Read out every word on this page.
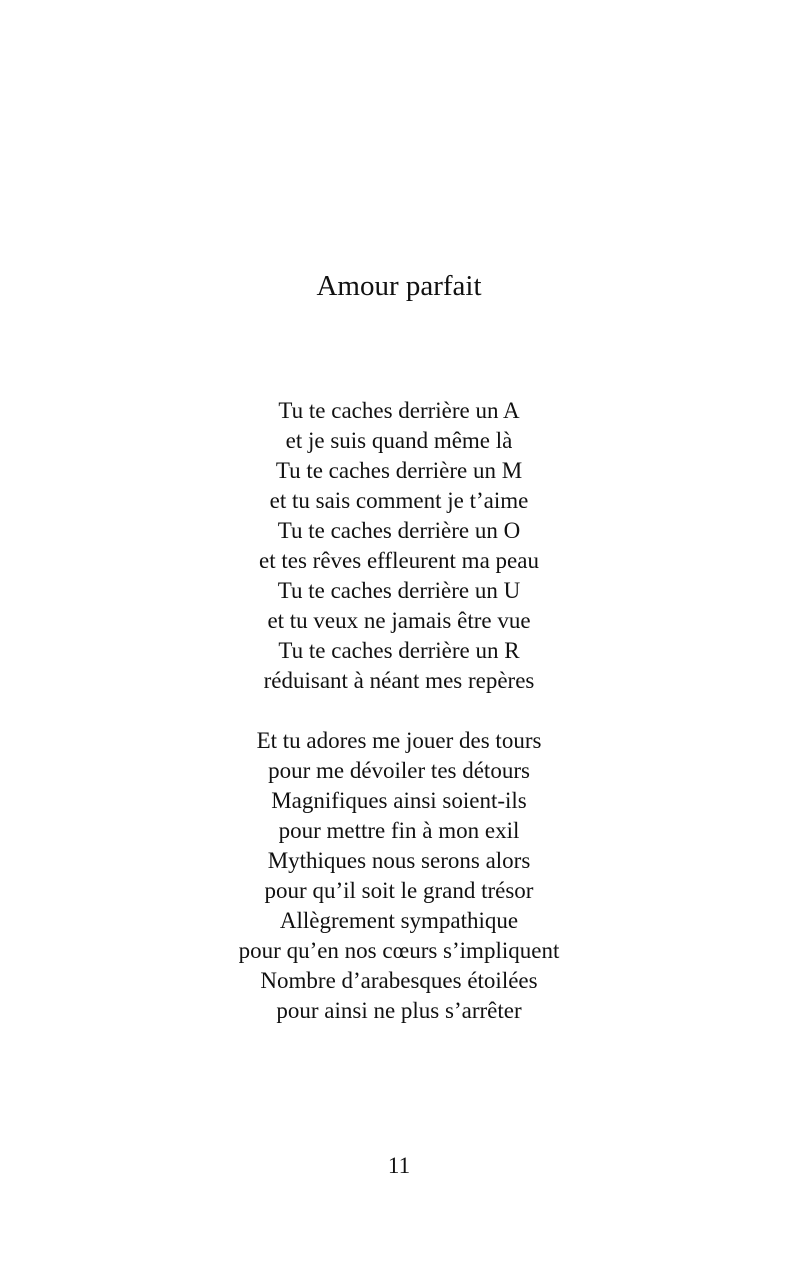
Amour parfait
Tu te caches derrière un A
et je suis quand même là
Tu te caches derrière un M
et tu sais comment je t’aime
Tu te caches derrière un O
et tes rêves effleurent ma peau
Tu te caches derrière un U
et tu veux ne jamais être vue
Tu te caches derrière un R
réduisant à néant mes repères
Et tu adores me jouer des tours
pour me dévoiler tes détours
Magnifiques ainsi soient-ils
pour mettre fin à mon exil
Mythiques nous serons alors
pour qu’il soit le grand trésor
Allègrement sympathique
pour qu’en nos cœurs s’impliquent
Nombre d’arabesques étoilées
pour ainsi ne plus s’arrêter
11
